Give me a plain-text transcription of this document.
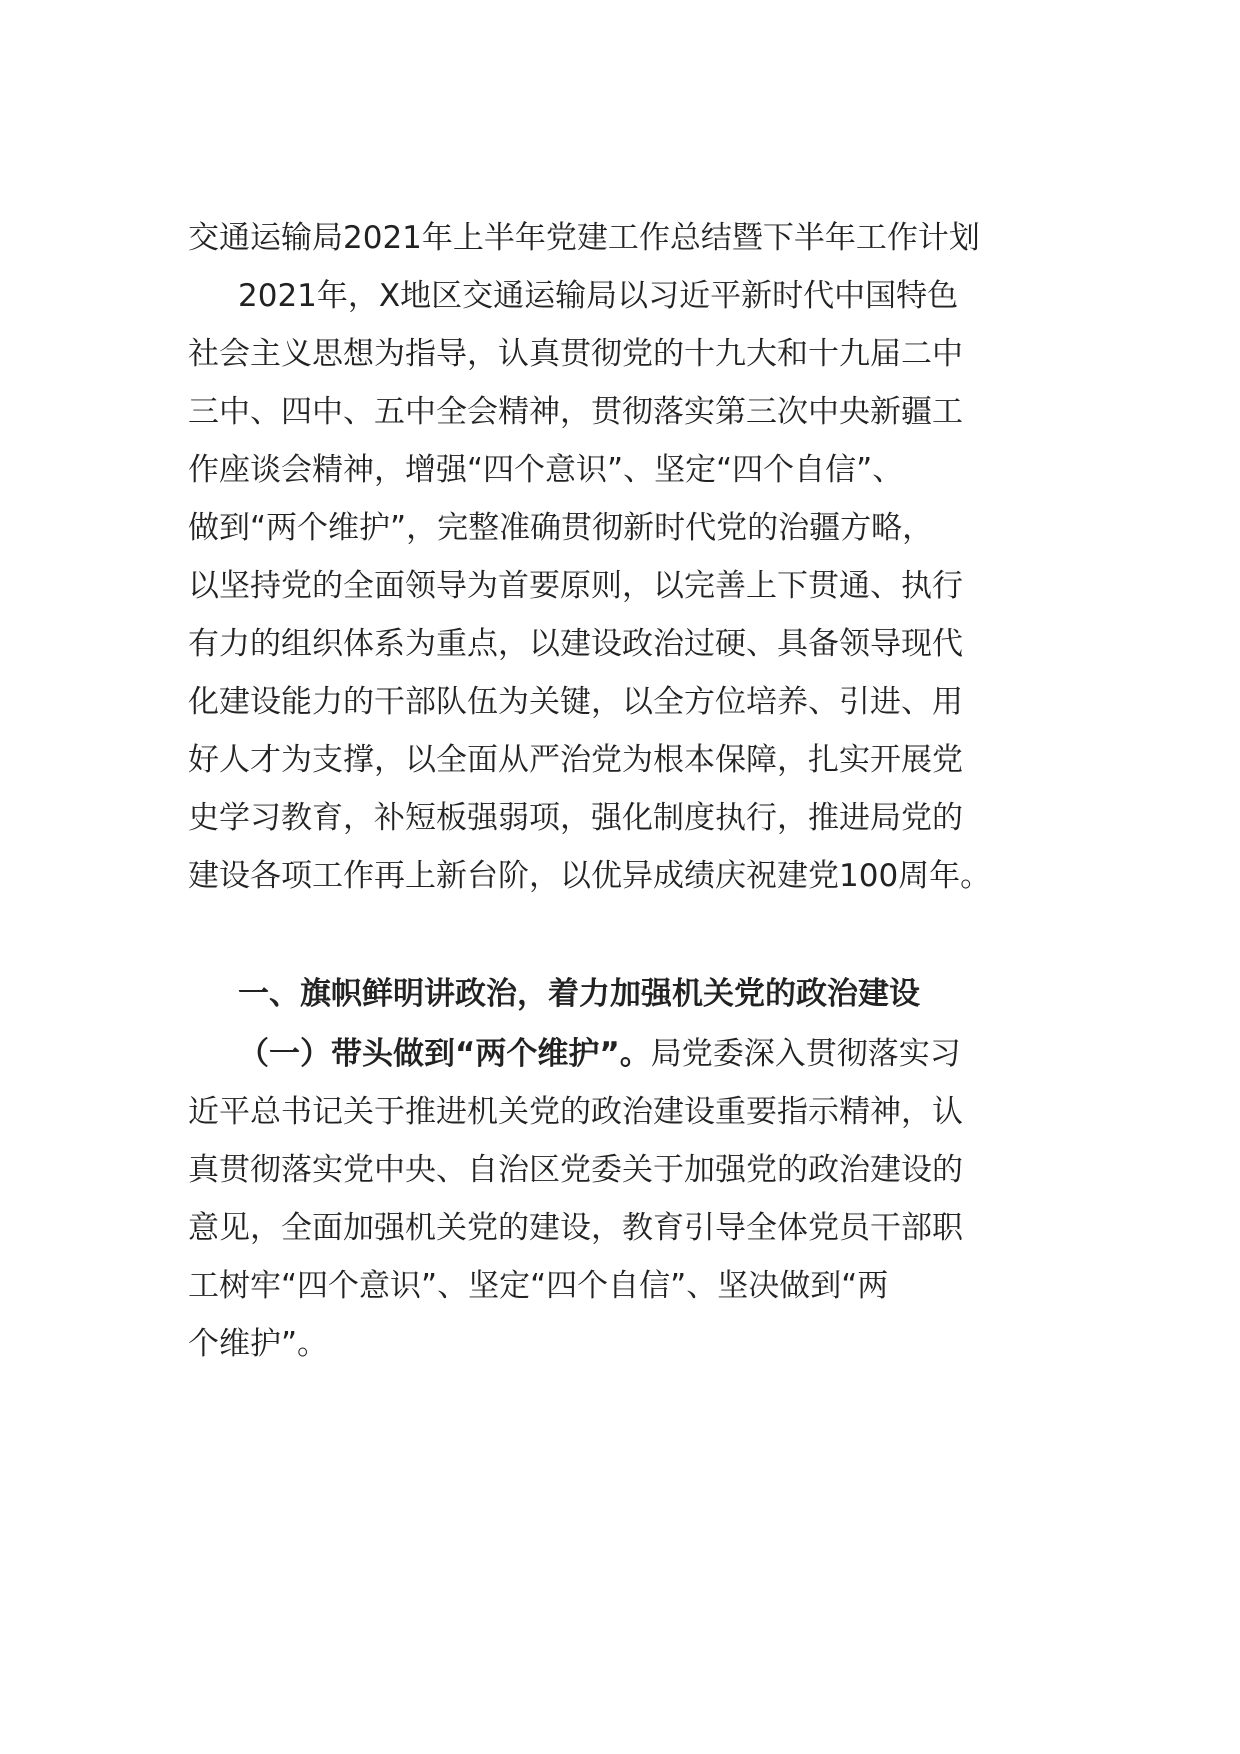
交通运输局2021年上半年党建工作总结暨下半年工作计划
2021年，X地区交通运输局以习近平新时代中国特色
社会主义思想为指导，认真贯彻党的十九大和十九届二中
三中、四中、五中全会精神，贯彻落实第三次中央新疆工
作座谈会精神，增强“四个意识”、坚定“四个自信”、
做到“两个维护”，完整准确贯彻新时代党的治疆方略，
以坚持党的全面领导为首要原则，以完善上下贯通、执行
有力的组织体系为重点，以建设政治过硬、具备领导现代
化建设能力的干部队伍为关键，以全方位培养、引进、用
好人才为支撑，以全面从严治党为根本保障，扎实开展党
史学习教育，补短板强弱项，强化制度执行，推进局党的
建设各项工作再上新台阶，以优异成绩庆祝建党100周年。
一、旗帜鲜明讲政治，着力加强机关党的政治建设
（一）带头做到“两个维护”。局党委深入贯彻落实习
近平总书记关于推进机关党的政治建设重要指示精神，认
真贯彻落实党中央、自治区党委关于加强党的政治建设的
意见，全面加强机关党的建设，教育引导全体党员干部职
工树牢“四个意识”、坚定“四个自信”、坚决做到“两
个维护”。
